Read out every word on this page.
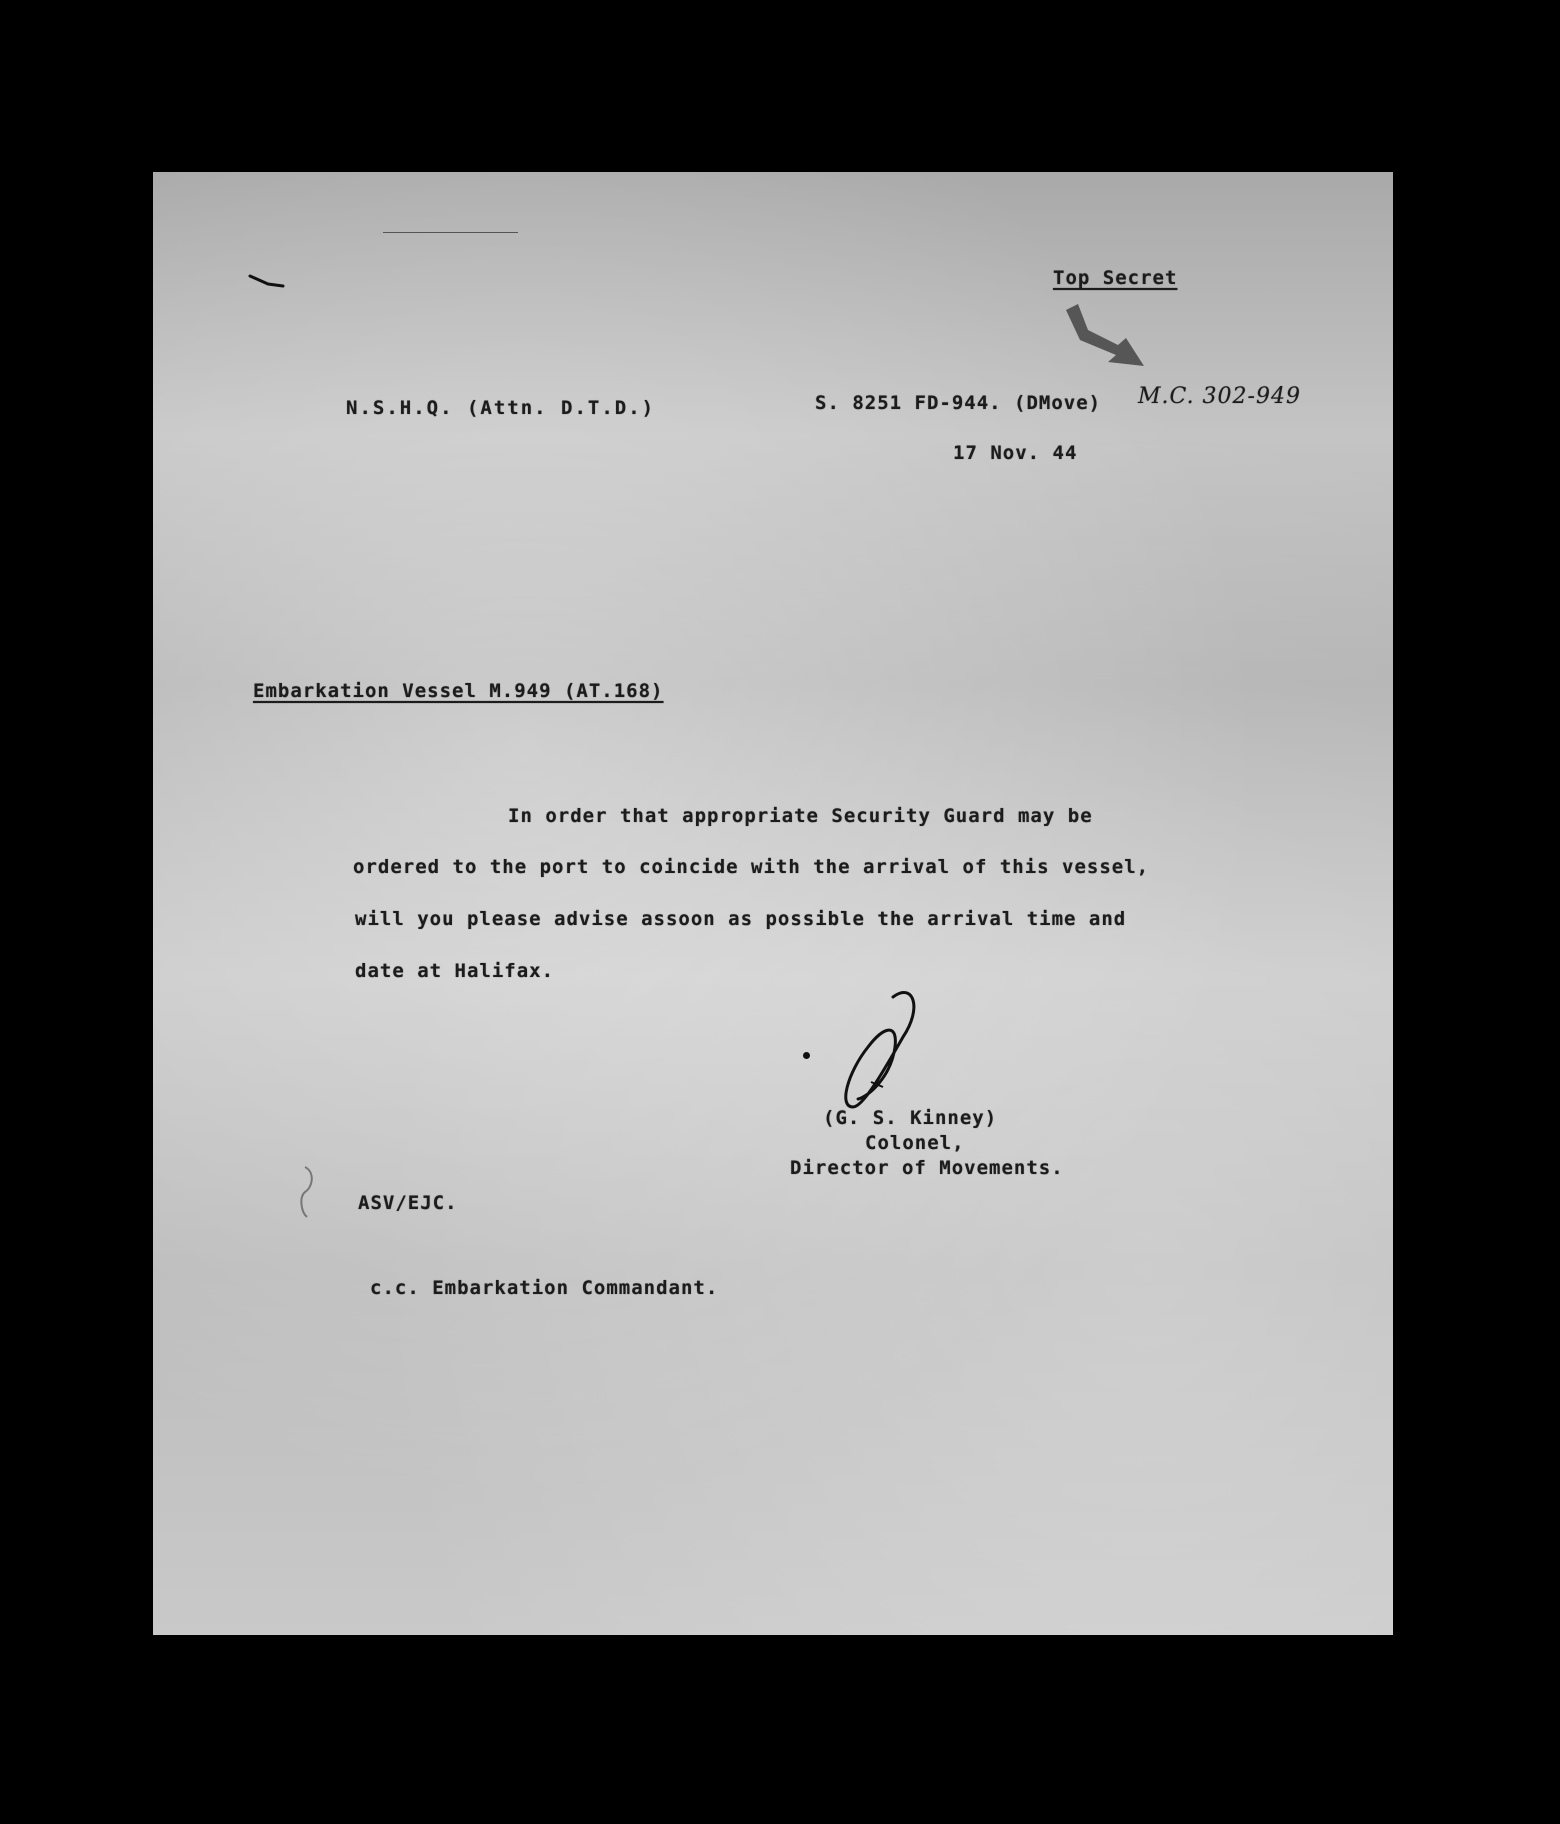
Top Secret
N.S.H.Q. (Attn. D.T.D.)	S. 8251 FD-944. (DMove) M.C. 302-949
17 Nov. 44
Embarkation Vessel M.949 (AT.168)
In order that appropriate Security Guard may be
ordered to the port to coincide with the arrival of this vessel,
will you please advise assoon as possible the arrival time and
date at Halifax.
(G. S. Kinney)
Colonel,
Director of Movements.
ASV/EJC.
c.c. Embarkation Commandant.
